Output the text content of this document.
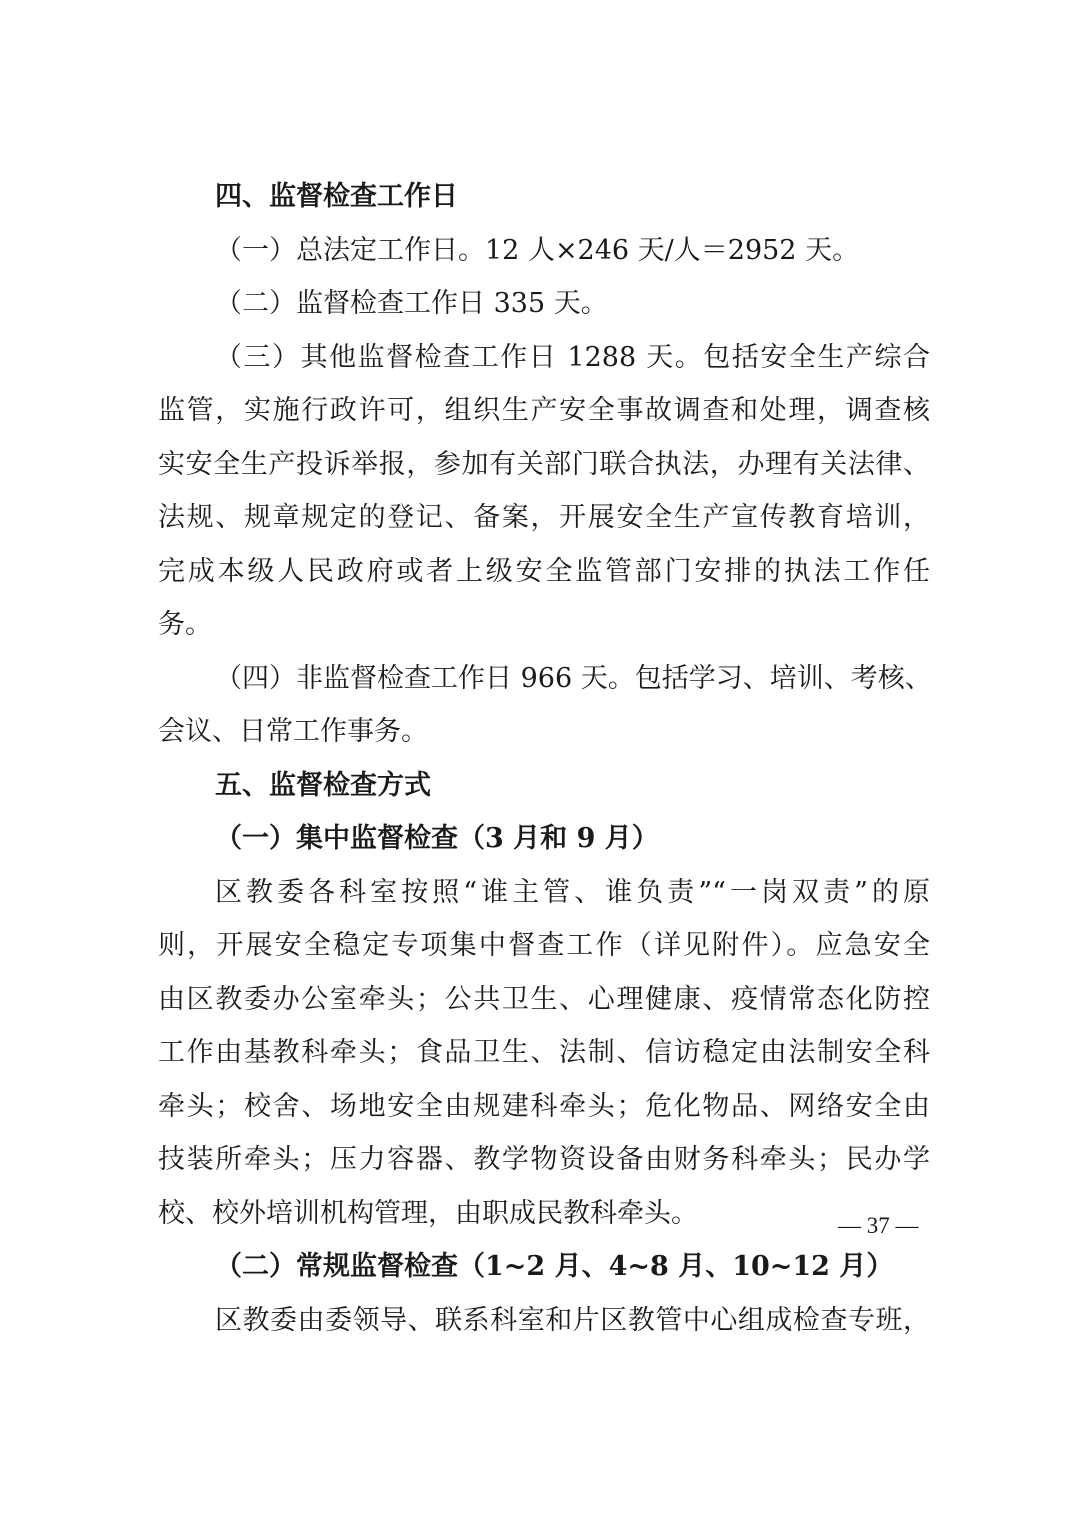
四、监督检查工作日
（一）总法定工作日。12 人×246 天/人＝2952 天。
（二）监督检查工作日 335 天。
（三）其他监督检查工作日 1288 天。包括安全生产综合
监管，实施行政许可，组织生产安全事故调查和处理，调查核
实安全生产投诉举报，参加有关部门联合执法，办理有关法律、
法规、规章规定的登记、备案，开展安全生产宣传教育培训，
完成本级人民政府或者上级安全监管部门安排的执法工作任
务。
（四）非监督检查工作日 966 天。包括学习、培训、考核、
会议、日常工作事务。
五、监督检查方式
（一）集中监督检查（3 月和 9 月）
区教委各科室按照“谁主管、谁负责”“一岗双责”的原
则，开展安全稳定专项集中督查工作（详见附件）。应急安全
由区教委办公室牵头；公共卫生、心理健康、疫情常态化防控
工作由基教科牵头；食品卫生、法制、信访稳定由法制安全科
牵头；校舍、场地安全由规建科牵头；危化物品、网络安全由
技装所牵头；压力容器、教学物资设备由财务科牵头；民办学
校、校外培训机构管理，由职成民教科牵头。
（二）常规监督检查（1~2 月、4~8 月、10~12 月）
区教委由委领导、联系科室和片区教管中心组成检查专班，
— 37 —
